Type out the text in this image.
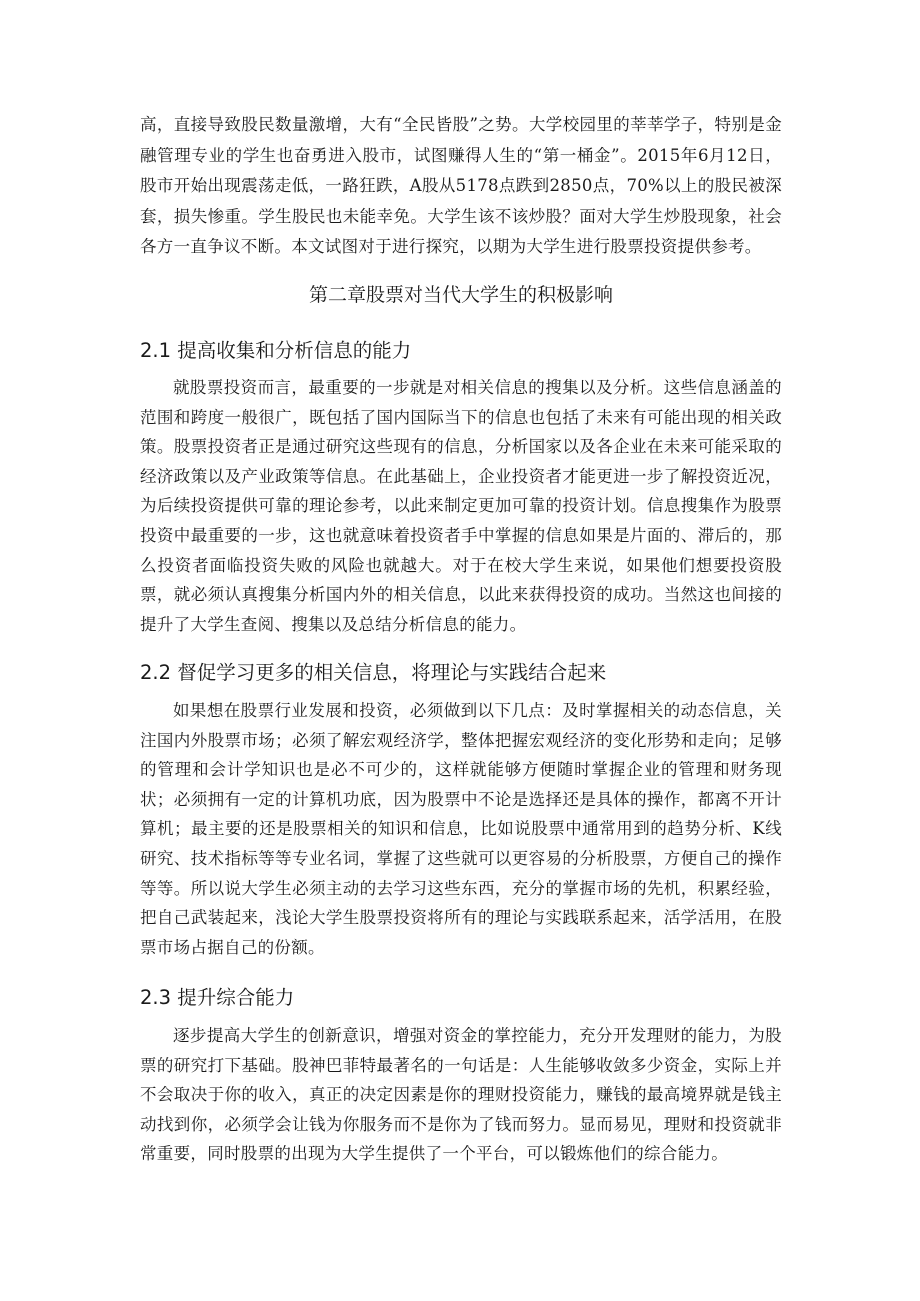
高，直接导致股民数量激增，大有“全民皆股”之势。大学校园里的莘莘学子，特别是金融管理专业的学生也奋勇进入股市，试图赚得人生的“第一桶金”。2015年6月12日，股市开始出现震荡走低，一路狂跌，A股从5178点跌到2850点，70%以上的股民被深套，损失惨重。学生股民也未能幸免。大学生该不该炒股？面对大学生炒股现象，社会各方一直争议不断。本文试图对于进行探究，以期为大学生进行股票投资提供参考。

第二章股票对当代大学生的积极影响
2.1 提高收集和分析信息的能力

就股票投资而言，最重要的一步就是对相关信息的搜集以及分析。这些信息涵盖的范围和跨度一般很广，既包括了国内国际当下的信息也包括了未来有可能出现的相关政策。股票投资者正是通过研究这些现有的信息，分析国家以及各企业在未来可能采取的经济政策以及产业政策等信息。在此基础上，企业投资者才能更进一步了解投资近况，为后续投资提供可靠的理论参考，以此来制定更加可靠的投资计划。信息搜集作为股票投资中最重要的一步，这也就意味着投资者手中掌握的信息如果是片面的、滞后的，那么投资者面临投资失败的风险也就越大。对于在校大学生来说，如果他们想要投资股票，就必须认真搜集分析国内外的相关信息，以此来获得投资的成功。当然这也间接的提升了大学生查阅、搜集以及总结分析信息的能力。

2.2 督促学习更多的相关信息，将理论与实践结合起来

如果想在股票行业发展和投资，必须做到以下几点：及时掌握相关的动态信息，关注国内外股票市场；必须了解宏观经济学，整体把握宏观经济的变化形势和走向；足够的管理和会计学知识也是必不可少的，这样就能够方便随时掌握企业的管理和财务现状；必须拥有一定的计算机功底，因为股票中不论是选择还是具体的操作，都离不开计算机；最主要的还是股票相关的知识和信息，比如说股票中通常用到的趋势分析、K线研究、技术指标等等专业名词，掌握了这些就可以更容易的分析股票，方便自己的操作等等。所以说大学生必须主动的去学习这些东西，充分的掌握市场的先机，积累经验，把自己武装起来，浅论大学生股票投资将所有的理论与实践联系起来，活学活用，在股票市场占据自己的份额。

2.3 提升综合能力

逐步提高大学生的创新意识，增强对资金的掌控能力，充分开发理财的能力，为股票的研究打下基础。股神巴菲特最著名的一句话是：人生能够收敛多少资金，实际上并不会取决于你的收入，真正的决定因素是你的理财投资能力，赚钱的最高境界就是钱主动找到你，必须学会让钱为你服务而不是你为了钱而努力。显而易见，理财和投资就非常重要，同时股票的出现为大学生提供了一个平台，可以锻炼他们的综合能力。
